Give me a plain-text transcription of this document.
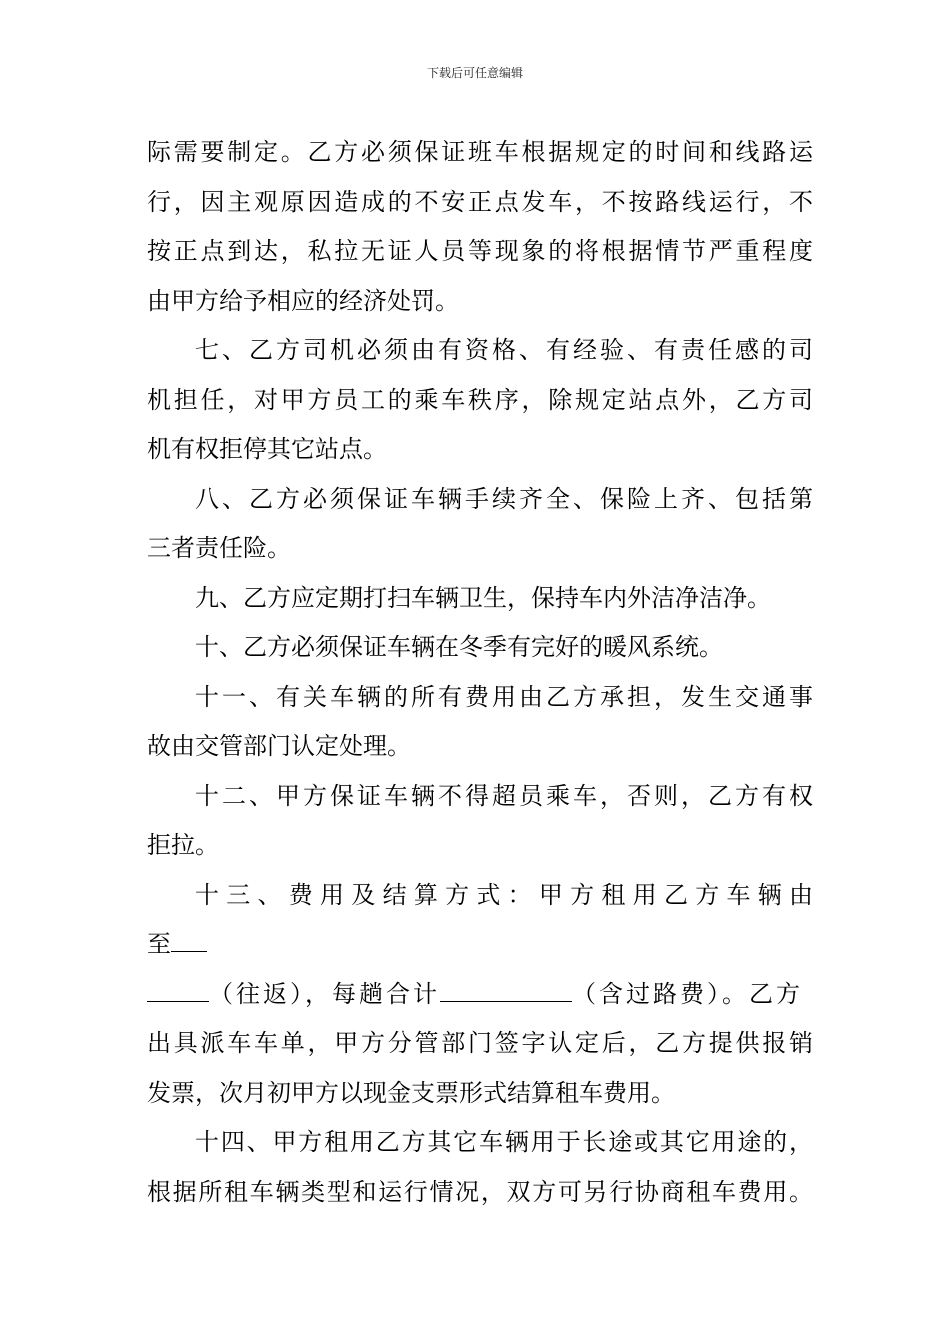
下载后可任意编辑
际需要制定。乙方必须保证班车根据规定的时间和线路运
行，因主观原因造成的不安正点发车，不按路线运行，不
按正点到达，私拉无证人员等现象的将根据情节严重程度
由甲方给予相应的经济处罚。
七、乙方司机必须由有资格、有经验、有责任感的司
机担任，对甲方员工的乘车秩序，除规定站点外，乙方司
机有权拒停其它站点。
八、乙方必须保证车辆手续齐全、保险上齐、包括第
三者责任险。
九、乙方应定期打扫车辆卫生，保持车内外洁净洁净。
十、乙方必须保证车辆在冬季有完好的暖风系统。
十一、有关车辆的所有费用由乙方承担，发生交通事
故由交管部门认定处理。
十二、甲方保证车辆不得超员乘车，否则，乙方有权
拒拉。
十三、费用及结算方式：甲方租用乙方车辆由
至
（往返），每趟合计	（含过路费）。乙方
出具派车车单，甲方分管部门签字认定后，乙方提供报销
发票，次月初甲方以现金支票形式结算租车费用。
十四、甲方租用乙方其它车辆用于长途或其它用途的，
根据所租车辆类型和运行情况，双方可另行协商租车费用。
